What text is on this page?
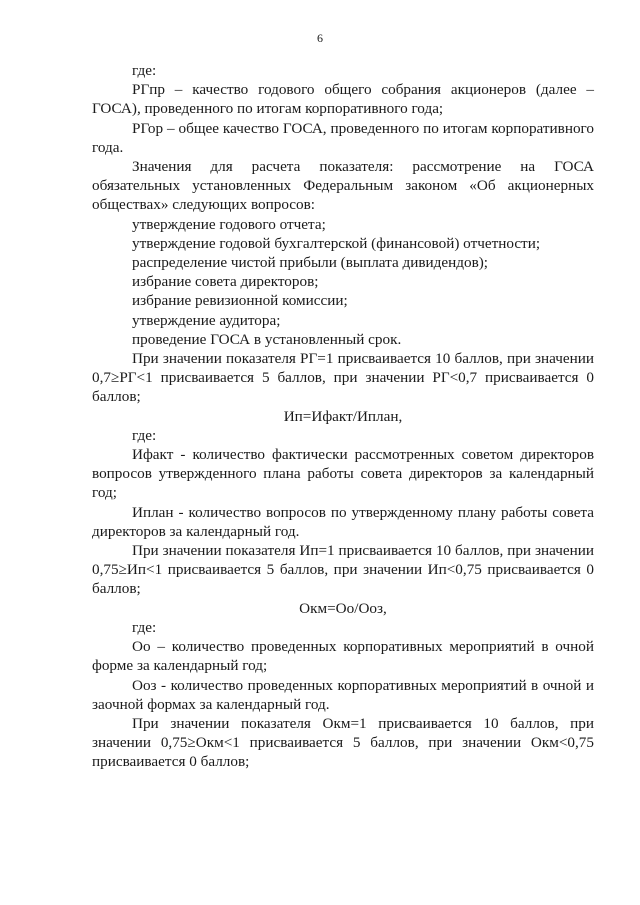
6

где:

РГпр – качество годового общего собрания акционеров (далее – ГОСА), проведенного по итогам корпоративного года;

РГор – общее качество ГОСА, проведенного по итогам корпоративного года.

Значения для расчета показателя: рассмотрение на ГОСА обязательных установленных Федеральным законом «Об акционерных обществах» следующих вопросов:

утверждение годового отчета;

утверждение годовой бухгалтерской (финансовой) отчетности;

распределение чистой прибыли (выплата дивидендов);

избрание совета директоров;

избрание ревизионной комиссии;

утверждение аудитора;

проведение ГОСА в установленный срок.

При значении показателя РГ=1 присваивается 10 баллов, при значении 0,7≥РГ<1 присваивается 5 баллов, при значении РГ<0,7 присваивается 0 баллов;

Ип=Ифакт/Иплан,

где:

Ифакт - количество фактически рассмотренных советом директоров вопросов утвержденного плана работы совета директоров за календарный год;

Иплан - количество вопросов по утвержденному плану работы совета директоров за календарный год.

При значении показателя Ип=1 присваивается 10 баллов, при значении 0,75≥Ип<1 присваивается 5 баллов, при значении Ип<0,75 присваивается 0 баллов;

Окм=Оо/Ооз,

где:

Оо – количество проведенных корпоративных мероприятий в очной форме за календарный год;

Ооз - количество проведенных корпоративных мероприятий в очной и заочной формах за календарный год.

При значении показателя Окм=1 присваивается 10 баллов, при значении 0,75≥Окм<1 присваивается 5 баллов, при значении Окм<0,75 присваивается 0 баллов;
